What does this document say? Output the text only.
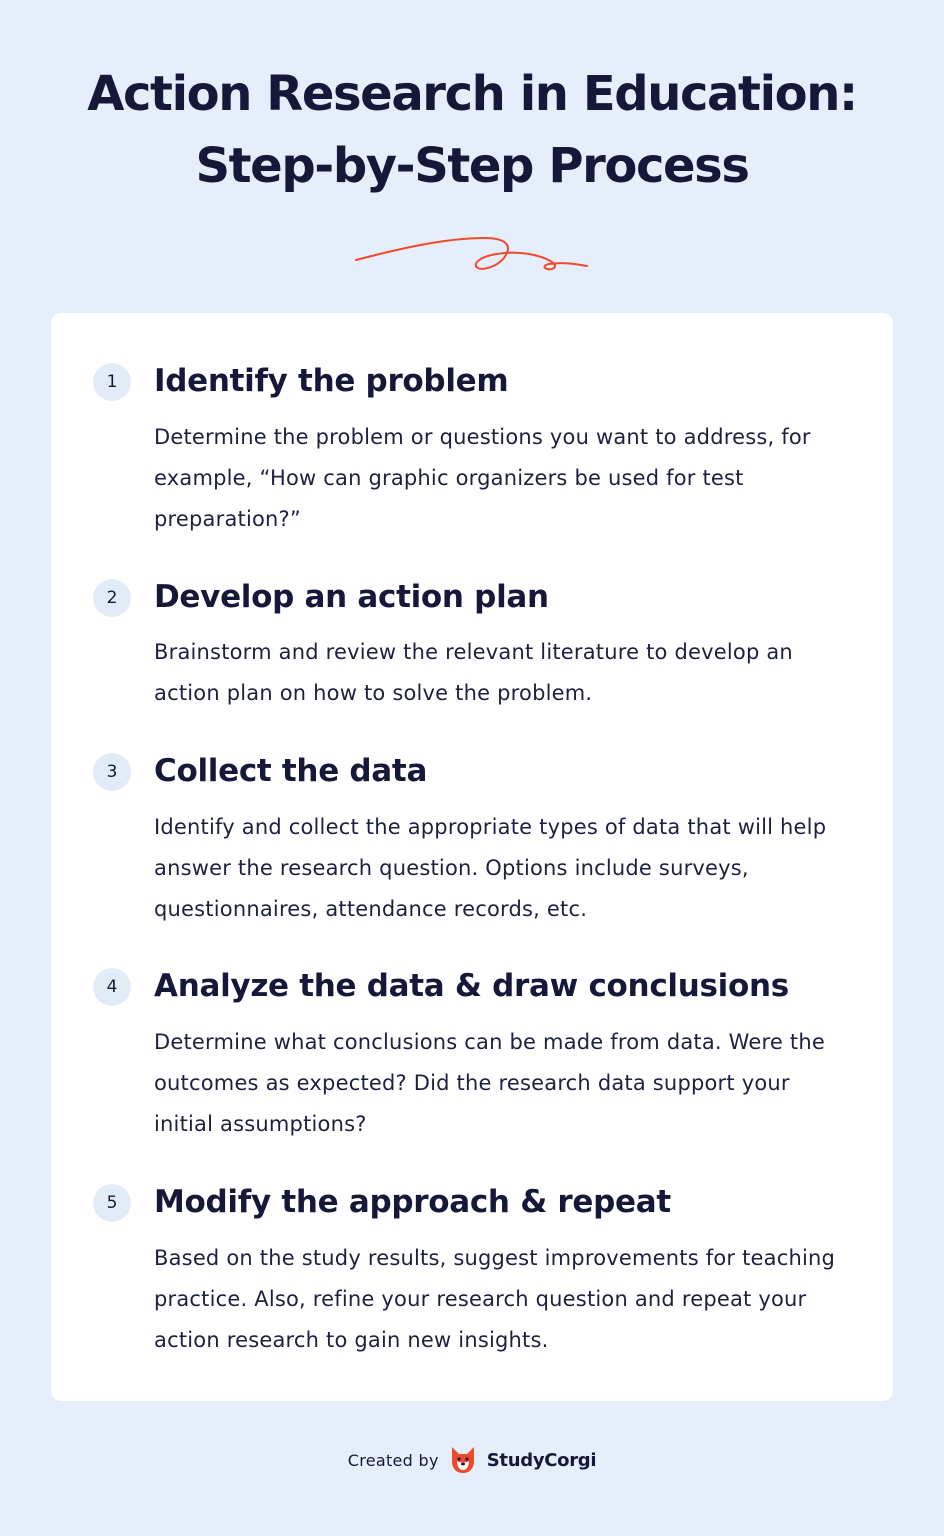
Action Research in Education:
Step-by-Step Process
1	Identify the problem

Determine the problem or questions you want to address, for example, “How can graphic organizers be used for test preparation?”

2	Develop an action plan

Brainstorm and review the relevant literature to develop an action plan on how to solve the problem.

3	Collect the data

Identify and collect the appropriate types of data that will help answer the research question. Options include surveys, questionnaires, attendance records, etc.

4	Analyze the data & draw conclusions

Determine what conclusions can be made from data. Were the outcomes as expected? Did the research data support your initial assumptions?

5	Modify the approach & repeat

Based on the study results, suggest improvements for teaching practice. Also, refine your research question and repeat your action research to gain new insights.

Created by	StudyCorgi
